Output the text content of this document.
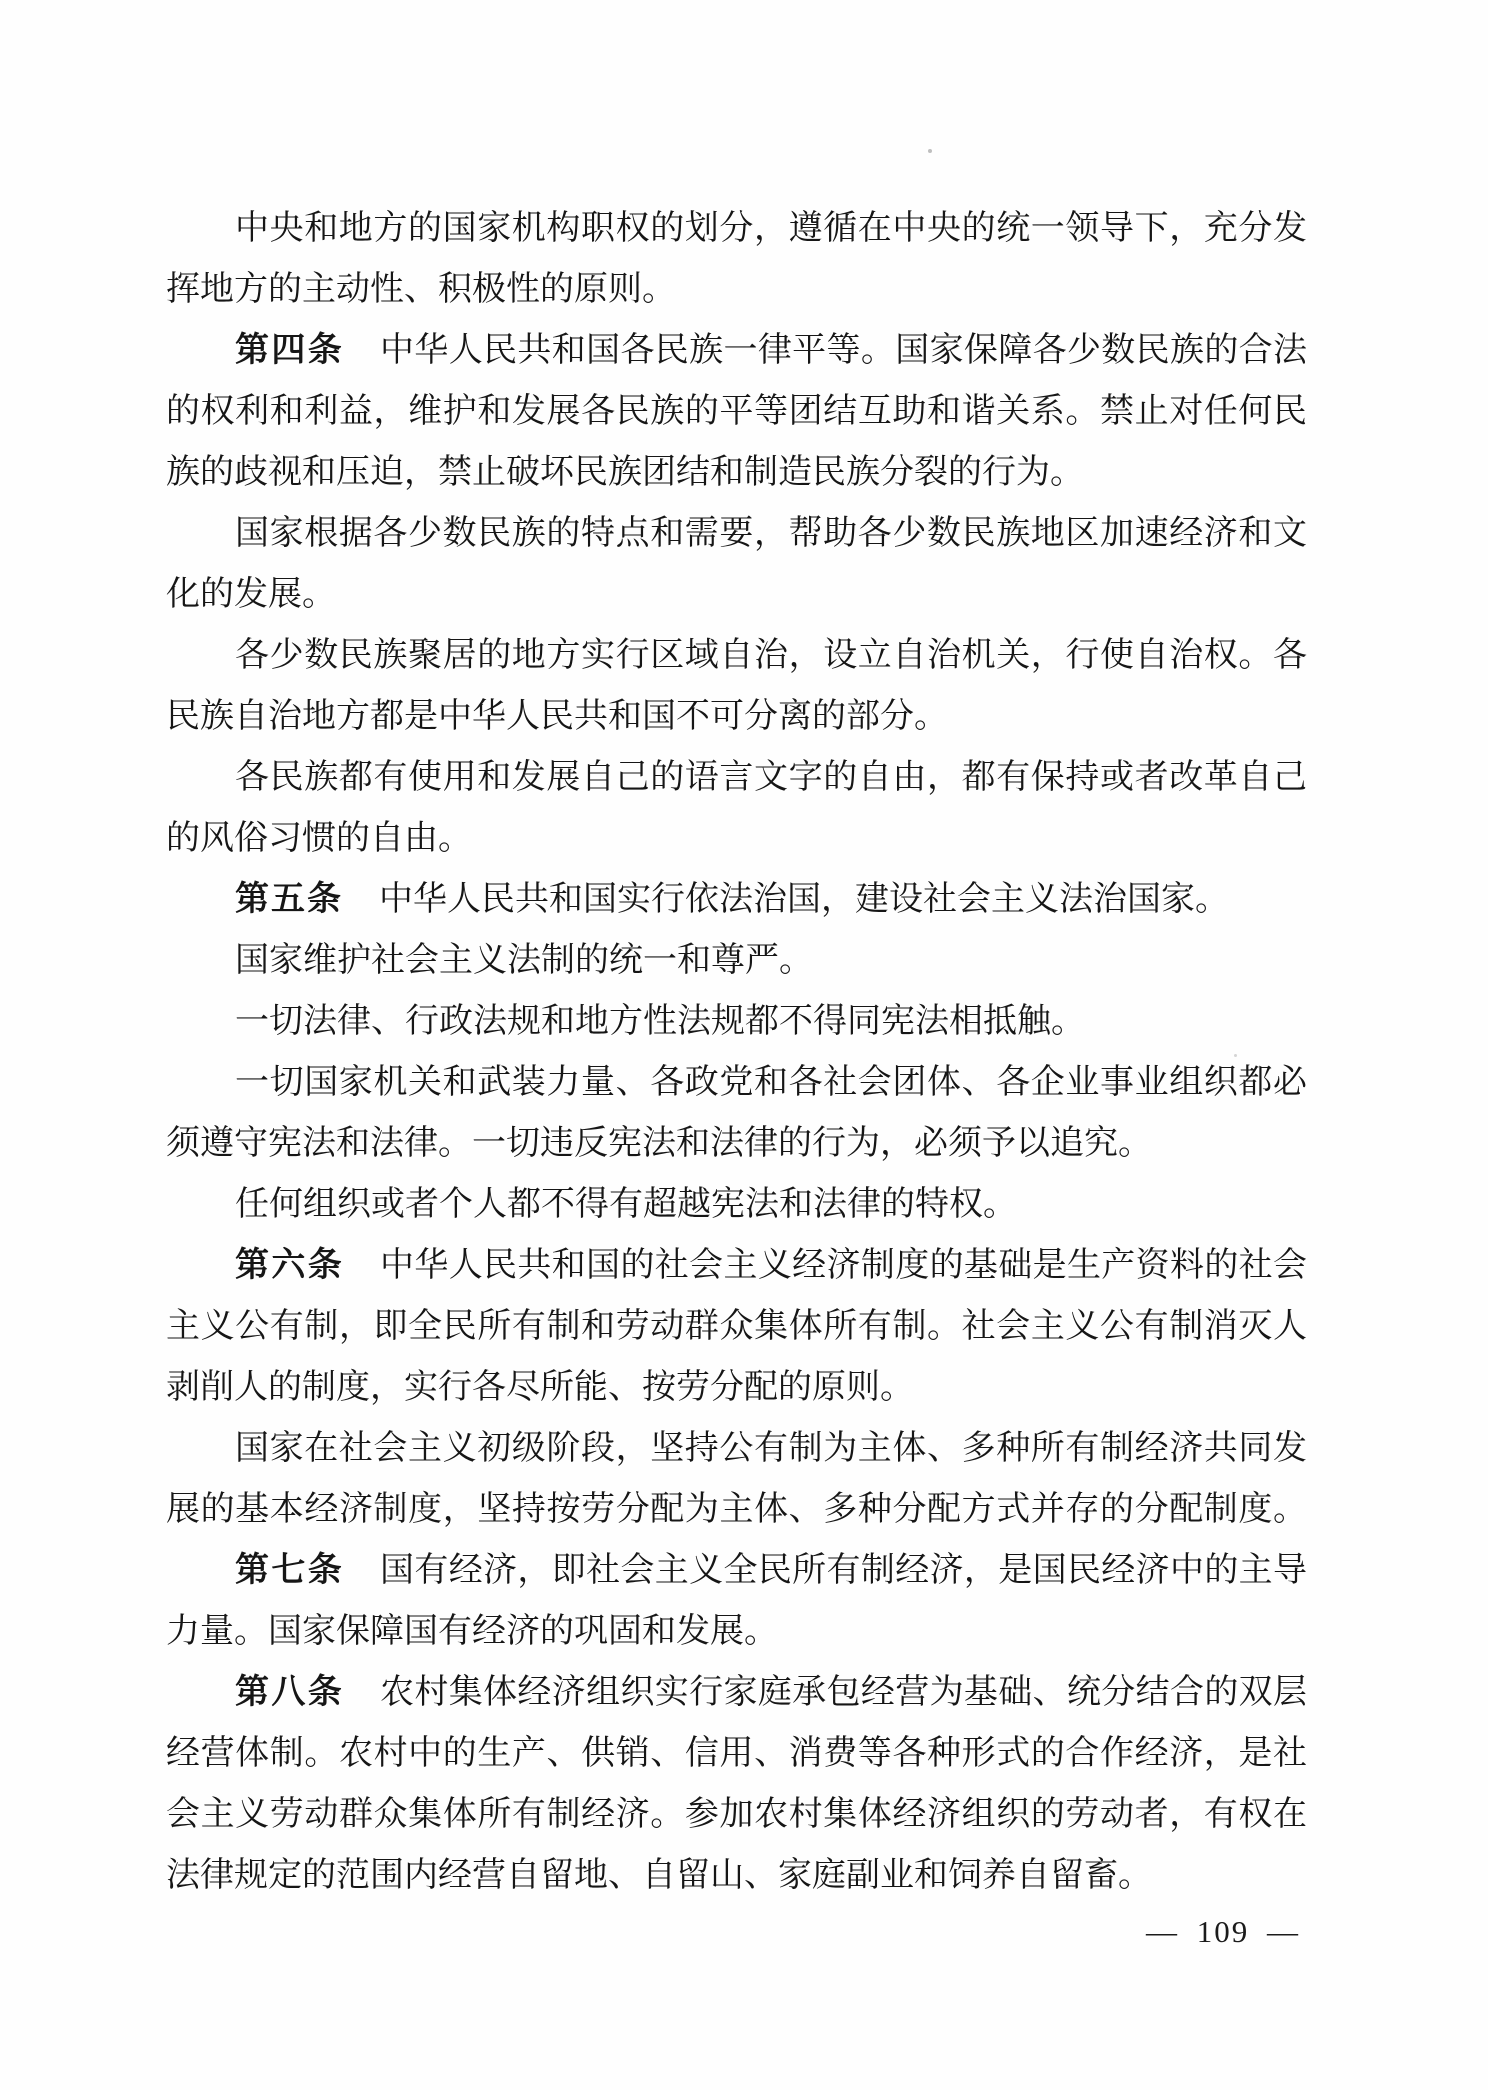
中央和地方的国家机构职权的划分，遵循在中央的统一领导下，充分发
挥地方的主动性、积极性的原则。
第四条 中华人民共和国各民族一律平等。国家保障各少数民族的合法
的权利和利益，维护和发展各民族的平等团结互助和谐关系。禁止对任何民
族的歧视和压迫，禁止破坏民族团结和制造民族分裂的行为。
国家根据各少数民族的特点和需要，帮助各少数民族地区加速经济和文
化的发展。
各少数民族聚居的地方实行区域自治，设立自治机关，行使自治权。各
民族自治地方都是中华人民共和国不可分离的部分。
各民族都有使用和发展自己的语言文字的自由，都有保持或者改革自己
的风俗习惯的自由。
第五条 中华人民共和国实行依法治国，建设社会主义法治国家。
国家维护社会主义法制的统一和尊严。
一切法律、行政法规和地方性法规都不得同宪法相抵触。
一切国家机关和武装力量、各政党和各社会团体、各企业事业组织都必
须遵守宪法和法律。一切违反宪法和法律的行为，必须予以追究。
任何组织或者个人都不得有超越宪法和法律的特权。
第六条 中华人民共和国的社会主义经济制度的基础是生产资料的社会
主义公有制，即全民所有制和劳动群众集体所有制。社会主义公有制消灭人
剥削人的制度，实行各尽所能、按劳分配的原则。
国家在社会主义初级阶段，坚持公有制为主体、多种所有制经济共同发
展的基本经济制度，坚持按劳分配为主体、多种分配方式并存的分配制度。
第七条 国有经济，即社会主义全民所有制经济，是国民经济中的主导
力量。国家保障国有经济的巩固和发展。
第八条 农村集体经济组织实行家庭承包经营为基础、统分结合的双层
经营体制。农村中的生产、供销、信用、消费等各种形式的合作经济，是社
会主义劳动群众集体所有制经济。参加农村集体经济组织的劳动者，有权在
法律规定的范围内经营自留地、自留山、家庭副业和饲养自留畜。
— 109 —
